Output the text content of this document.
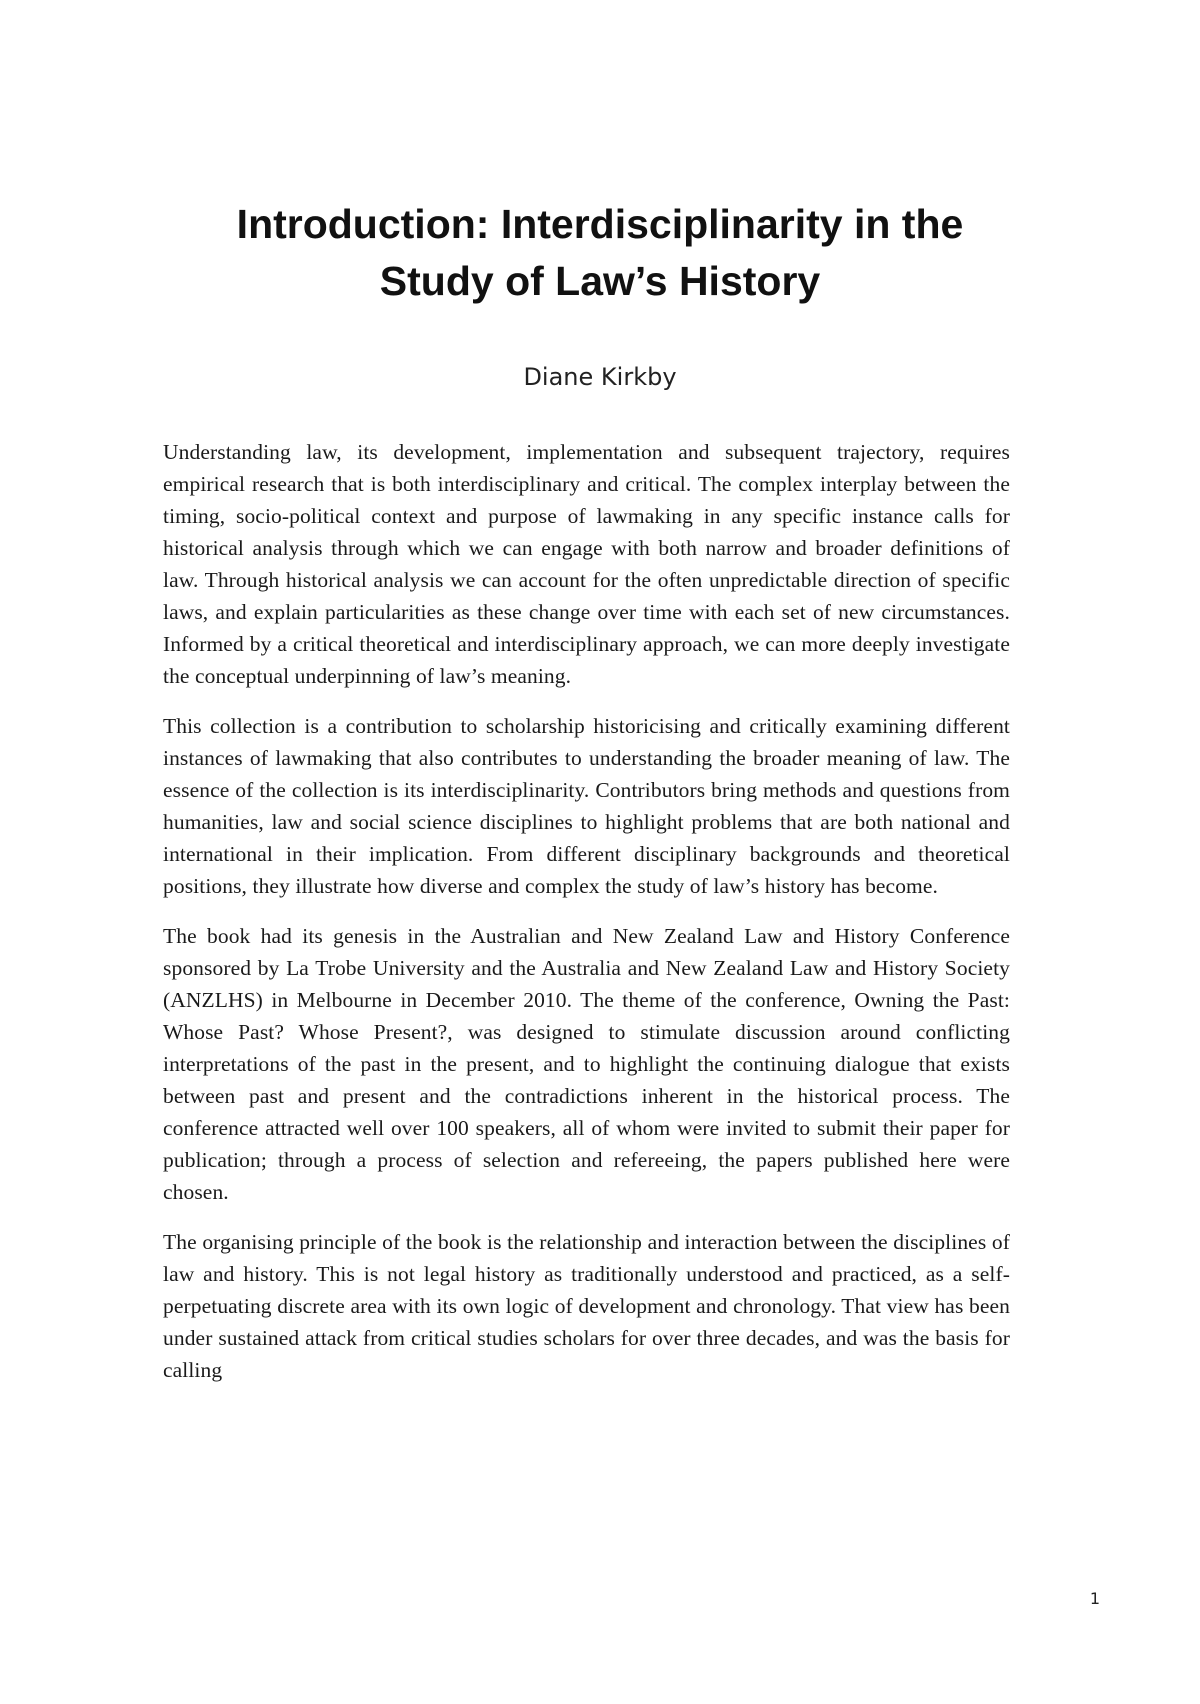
Introduction: Interdisciplinarity in the
Study of Law’s History

Diane Kirkby

Understanding law, its development, implementation and subsequent trajectory, requires empirical research that is both interdisciplinary and critical. The complex interplay between the timing, socio-political context and purpose of lawmaking in any specific instance calls for historical analysis through which we can engage with both narrow and broader definitions of law. Through historical analysis we can account for the often unpredictable direction of specific laws, and explain particularities as these change over time with each set of new circumstances. Informed by a critical theoretical and interdisciplinary approach, we can more deeply investigate the conceptual underpinning of law’s meaning.

This collection is a contribution to scholarship historicising and critically examining different instances of lawmaking that also contributes to understanding the broader meaning of law. The essence of the collection is its interdisciplinarity. Contributors bring methods and questions from humanities, law and social science disciplines to highlight problems that are both national and international in their implication. From different disciplinary backgrounds and theoretical positions, they illustrate how diverse and complex the study of law’s history has become.

The book had its genesis in the Australian and New Zealand Law and History Conference sponsored by La Trobe University and the Australia and New Zealand Law and History Society (ANZLHS) in Melbourne in December 2010. The theme of the conference, Owning the Past: Whose Past? Whose Present?, was designed to stimulate discussion around conflicting interpretations of the past in the present, and to highlight the continuing dialogue that exists between past and present and the contradictions inherent in the historical process. The conference attracted well over 100 speakers, all of whom were invited to submit their paper for publication; through a process of selection and refereeing, the papers published here were chosen.

The organising principle of the book is the relationship and interaction between the disciplines of law and history. This is not legal history as traditionally understood and practiced, as a self-perpetuating discrete area with its own logic of development and chronology. That view has been under sustained attack from critical studies scholars for over three decades, and was the basis for calling

1
